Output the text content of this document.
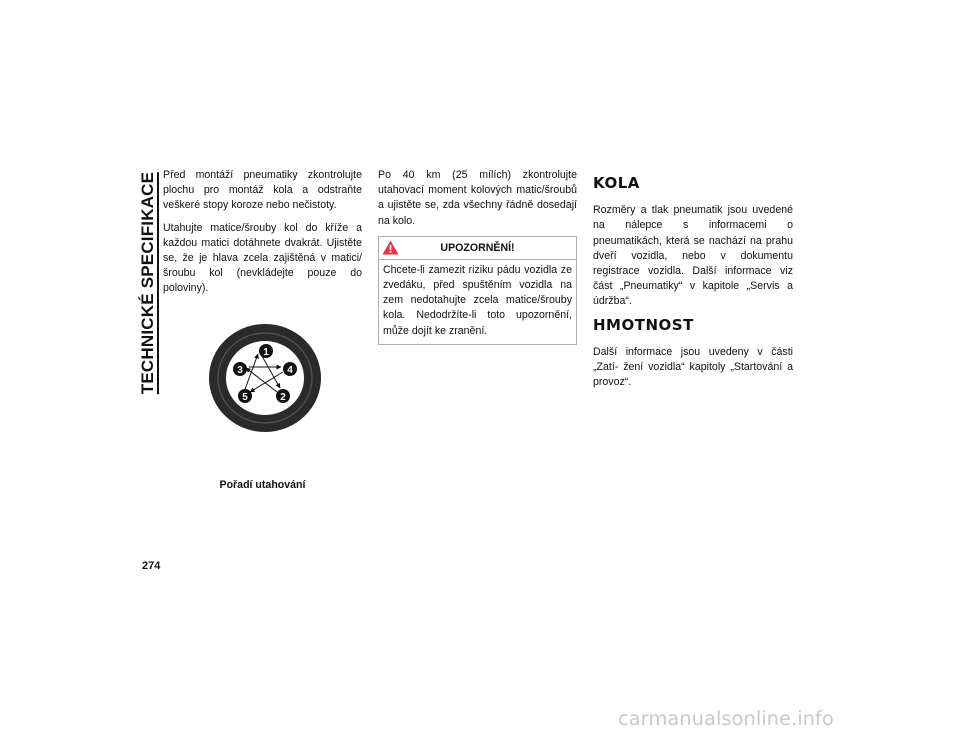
TECHNICKÉ SPECIFIKACE
274

Před montáží pneumatiky zkontrolujte plochu pro montáž kola a odstraňte veškeré stopy koroze nebo nečistoty.

Utahujte matice/šrouby kol do kříže a každou matici dotáhnete dvakrát. Ujistěte se, že je hlava zcela zajištěná v matici/ šroubu kol (nevkládejte pouze do poloviny).

1
2
3	4
5
Pořadí utahování

Po 40 km (25 mílích) zkontrolujte utahovací moment kolových matic/šroubů a ujistěte se, zda všechny řádně dosedají na kolo.

UPOZORNĚNÍ!
Chcete-li zamezit riziku pádu vozidla ze zvedáku, před spuštěním vozidla na zem nedotahujte zcela matice/šrouby kola. Nedodržíte-li toto upozornění, může dojít ke zranění.
KOLA

Rozměry a tlak pneumatik jsou uvedené na nálepce s informacemi o pneumatikách, která se nachází na prahu dveří vozidla, nebo v dokumentu registrace vozidla. Další informace viz část „Pneumatiky“ v kapitole „Servis a údržba“.

HMOTNOST

Další informace jsou uvedeny v části „Zatí- žení vozidla“ kapitoly „Startování a provoz“.

carmanualsonline.info
